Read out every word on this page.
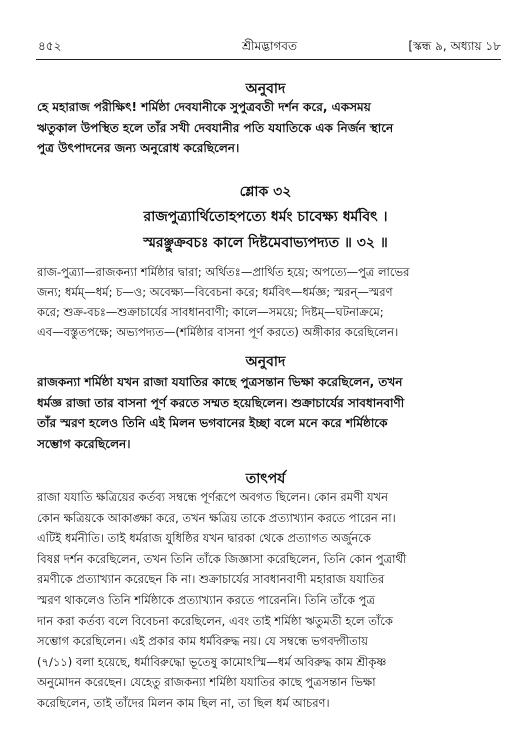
৪৫২	শ্রীমদ্ভাগবত	[স্কন্ধ ৯, অধ্যায় ১৮
অনুবাদ
হে মহারাজ পরীক্ষিৎ! শর্মিষ্ঠা দেবযানীকে সুপুত্রবতী দর্শন করে, একসময়
ঋতুকাল উপস্থিত হলে তাঁর সখী দেবযানীর পতি যযাতিকে এক নির্জন স্থানে
পুত্র উৎপাদনের জন্য অনুরোধ করেছিলেন।
শ্লোক ৩২
রাজপুত্র্যার্থিতোহপত্যে ধর্মং চাবেক্ষ্য ধর্মবিৎ ।
স্মরঞ্ছুক্রবচঃ কালে দিষ্টমেবাভ্যপদ্যত ॥ ৩২ ॥
রাজ-পুত্র্যা—রাজকন্যা শর্মিষ্ঠার দ্বারা; অর্থিতঃ—প্রার্থিত হয়ে; অপত্যে—পুত্র লাভের
জন্য; ধর্মম্—ধর্ম; চ—ও; অবেক্ষ্য—বিবেচনা করে; ধর্মবিৎ—ধর্মজ্ঞ; স্মরন্—স্মরণ
করে; শুক্র-বচঃ—শুক্রাচার্যের সাবধানবাণী; কালে—সময়ে; দিষ্টম্—ঘটনাক্রমে;
এব—বস্তুতপক্ষে; অভ্যপদ্যত—(শর্মিষ্ঠার বাসনা পূর্ণ করতে) অঙ্গীকার করেছিলেন।
অনুবাদ
রাজকন্যা শর্মিষ্ঠা যখন রাজা যযাতির কাছে পুত্রসন্তান ভিক্ষা করেছিলেন, তখন
ধর্মজ্ঞ রাজা তার বাসনা পূর্ণ করতে সম্মত হয়েছিলেন। শুক্রাচার্যের সাবধানবাণী
তাঁর স্মরণ হলেও তিনি এই মিলন ভগবানের ইচ্ছা বলে মনে করে শর্মিষ্ঠাকে
সম্ভোগ করেছিলেন।
তাৎপর্য
রাজা যযাতি ক্ষত্রিয়ের কর্তব্য সম্বন্ধে পূর্ণরূপে অবগত ছিলেন। কোন রমণী যখন
কোন ক্ষত্রিয়কে আকাঙ্ক্ষা করে, তখন ক্ষত্রিয় তাকে প্রত্যাখ্যান করতে পারেন না।
এটিই ধর্মনীতি। তাই ধর্মরাজ যুধিষ্ঠির যখন দ্বারকা থেকে প্রত্যাগত অর্জুনকে
বিষণ্ণ দর্শন করেছিলেন, তখন তিনি তাঁকে জিজ্ঞাসা করেছিলেন, তিনি কোন পুত্রার্থী
রমণীকে প্রত্যাখ্যান করেছেন কি না। শুক্রাচার্যের সাবধানবাণী মহারাজ যযাতির
স্মরণ থাকলেও তিনি শর্মিষ্ঠাকে প্রত্যাখ্যান করতে পারেননি। তিনি তাঁকে পুত্র
দান করা কর্তব্য বলে বিবেচনা করেছিলেন, এবং তাই শর্মিষ্ঠা ঋতুমতী হলে তাঁকে
সম্ভোগ করেছিলেন। এই প্রকার কাম ধর্মবিরুদ্ধ নয়। যে সম্বন্ধে ভগবদ্গীতায়
(৭/১১) বলা হয়েছে, ধর্মাবিরুদ্ধো ভূতেষু কামোঽস্মি—ধর্ম অবিরুদ্ধ কাম শ্রীকৃষ্ণ
অনুমোদন করেছেন। যেহেতু রাজকন্যা শর্মিষ্ঠা যযাতির কাছে পুত্রসন্তান ভিক্ষা
করেছিলেন, তাই তাঁদের মিলন কাম ছিল না, তা ছিল ধর্ম আচরণ।
